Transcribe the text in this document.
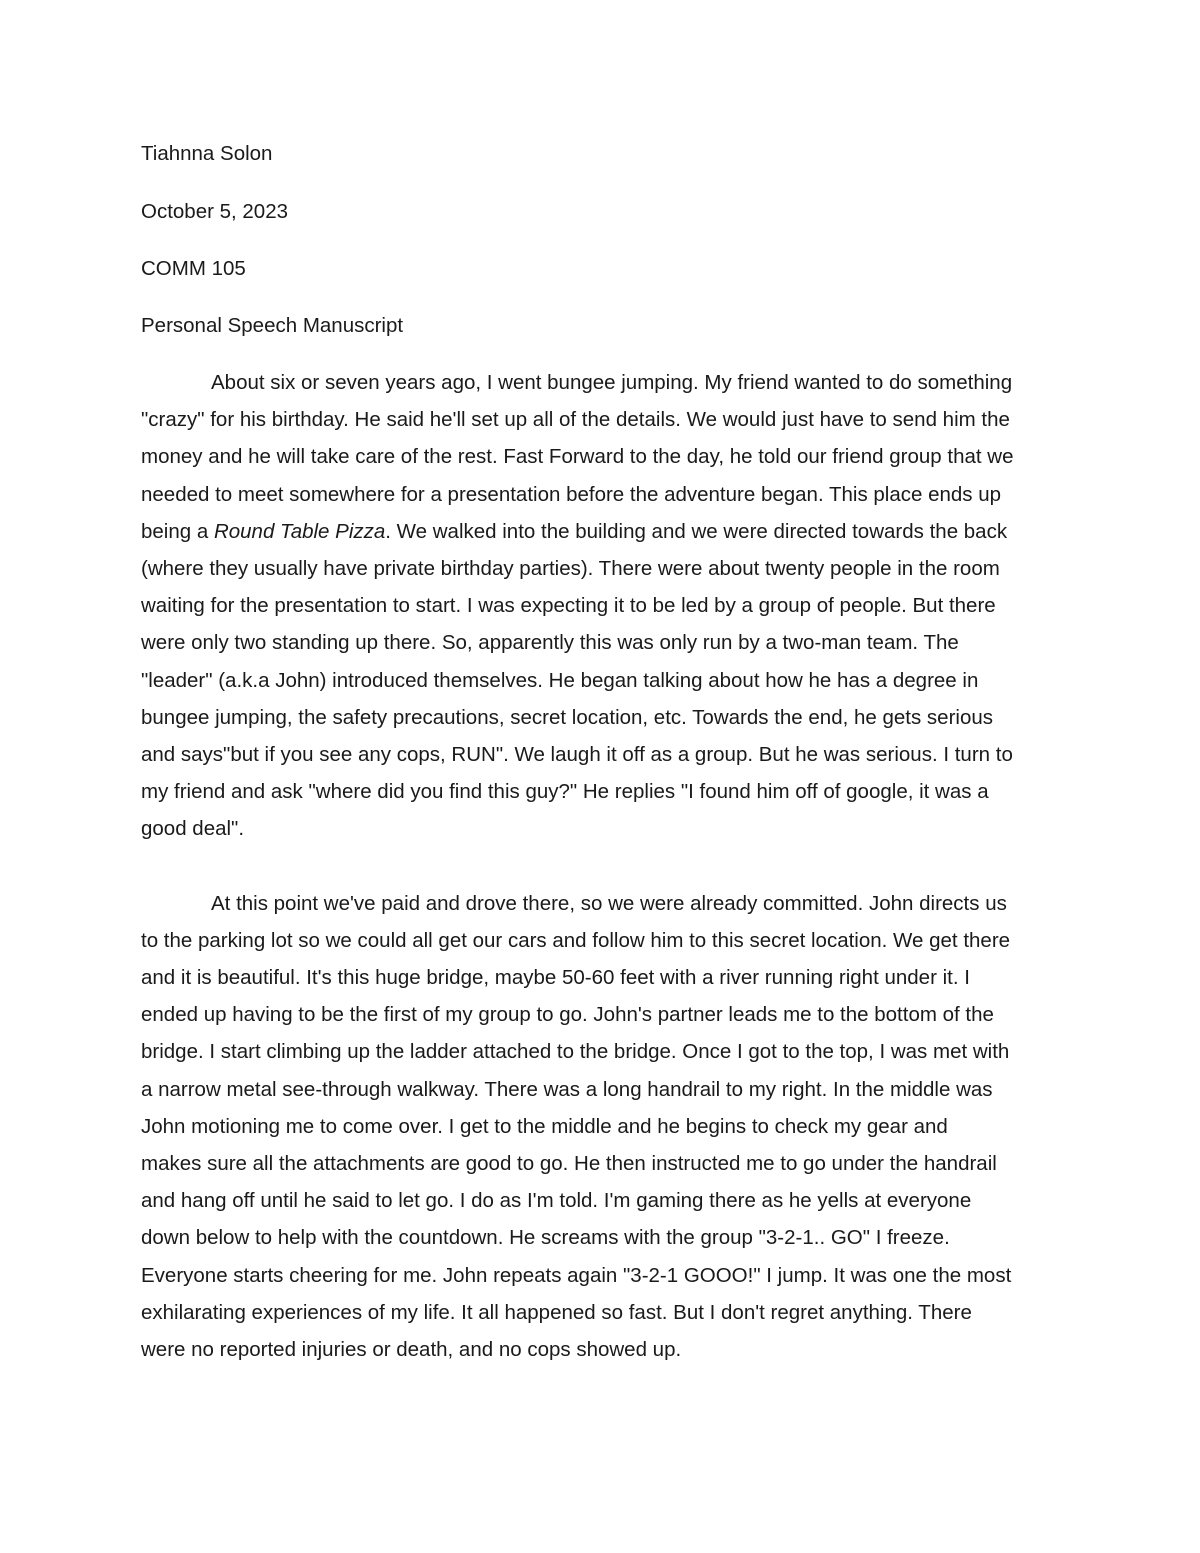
Tiahnna Solon

October 5, 2023

COMM 105

Personal Speech Manuscript

About six or seven years ago, I went bungee jumping. My friend wanted to do something
"crazy" for his birthday. He said he'll set up all of the details. We would just have to send him the
money and he will take care of the rest. Fast Forward to the day, he told our friend group that we
needed to meet somewhere for a presentation before the adventure began. This place ends up
being a Round Table Pizza. We walked into the building and we were directed towards the back
(where they usually have private birthday parties). There were about twenty people in the room
waiting for the presentation to start. I was expecting it to be led by a group of people. But there
were only two standing up there. So, apparently this was only run by a two-man team. The
"leader" (a.k.a John) introduced themselves. He began talking about how he has a degree in
bungee jumping, the safety precautions, secret location, etc. Towards the end, he gets serious
and says"but if you see any cops, RUN". We laugh it off as a group. But he was serious. I turn to
my friend and ask "where did you find this guy?" He replies "I found him off of google, it was a
good deal".

At this point we've paid and drove there, so we were already committed. John directs us
to the parking lot so we could all get our cars and follow him to this secret location. We get there
and it is beautiful. It's this huge bridge, maybe 50-60 feet with a river running right under it. I
ended up having to be the first of my group to go. John's partner leads me to the bottom of the
bridge. I start climbing up the ladder attached to the bridge. Once I got to the top, I was met with
a narrow metal see-through walkway. There was a long handrail to my right. In the middle was
John motioning me to come over. I get to the middle and he begins to check my gear and
makes sure all the attachments are good to go. He then instructed me to go under the handrail
and hang off until he said to let go. I do as I'm told. I'm gaming there as he yells at everyone
down below to help with the countdown. He screams with the group "3-2-1.. GO" I freeze.
Everyone starts cheering for me. John repeats again "3-2-1 GOOO!" I jump. It was one the most
exhilarating experiences of my life. It all happened so fast. But I don't regret anything. There
were no reported injuries or death, and no cops showed up.
